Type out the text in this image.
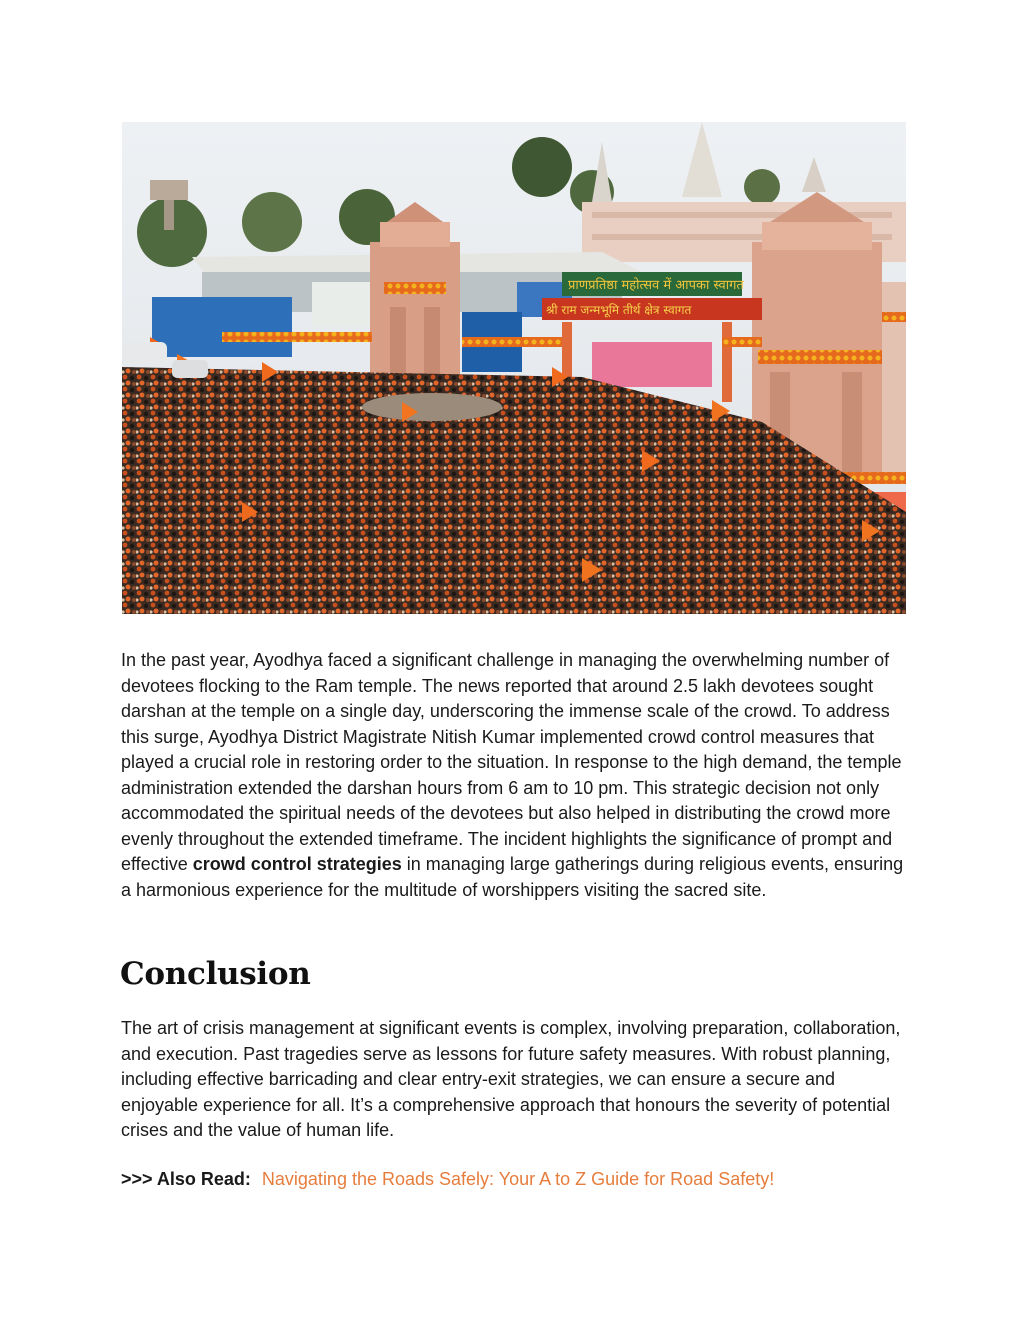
प्राणप्रतिष्ठा महोत्सव में आपका स्वागत
श्री राम जन्मभूमि तीर्थ क्षेत्र स्वागत

In the past year, Ayodhya faced a significant challenge in managing the overwhelming number of devotees flocking to the Ram temple. The news reported that around 2.5 lakh devotees sought darshan at the temple on a single day, underscoring the immense scale of the crowd. To address this surge, Ayodhya District Magistrate Nitish Kumar implemented crowd control measures that played a crucial role in restoring order to the situation. In response to the high demand, the temple administration extended the darshan hours from 6 am to 10 pm. This strategic decision not only accommodated the spiritual needs of the devotees but also helped in distributing the crowd more evenly throughout the extended timeframe. The incident highlights the significance of prompt and effective crowd control strategies in managing large gatherings during religious events, ensuring a harmonious experience for the multitude of worshippers visiting the sacred site.

Conclusion

The art of crisis management at significant events is complex, involving preparation, collaboration, and execution. Past tragedies serve as lessons for future safety measures. With robust planning, including effective barricading and clear entry-exit strategies, we can ensure a secure and enjoyable experience for all. It’s a comprehensive approach that honours the severity of potential crises and the value of human life.

>>> Also Read: Navigating the Roads Safely: Your A to Z Guide for Road Safety!
